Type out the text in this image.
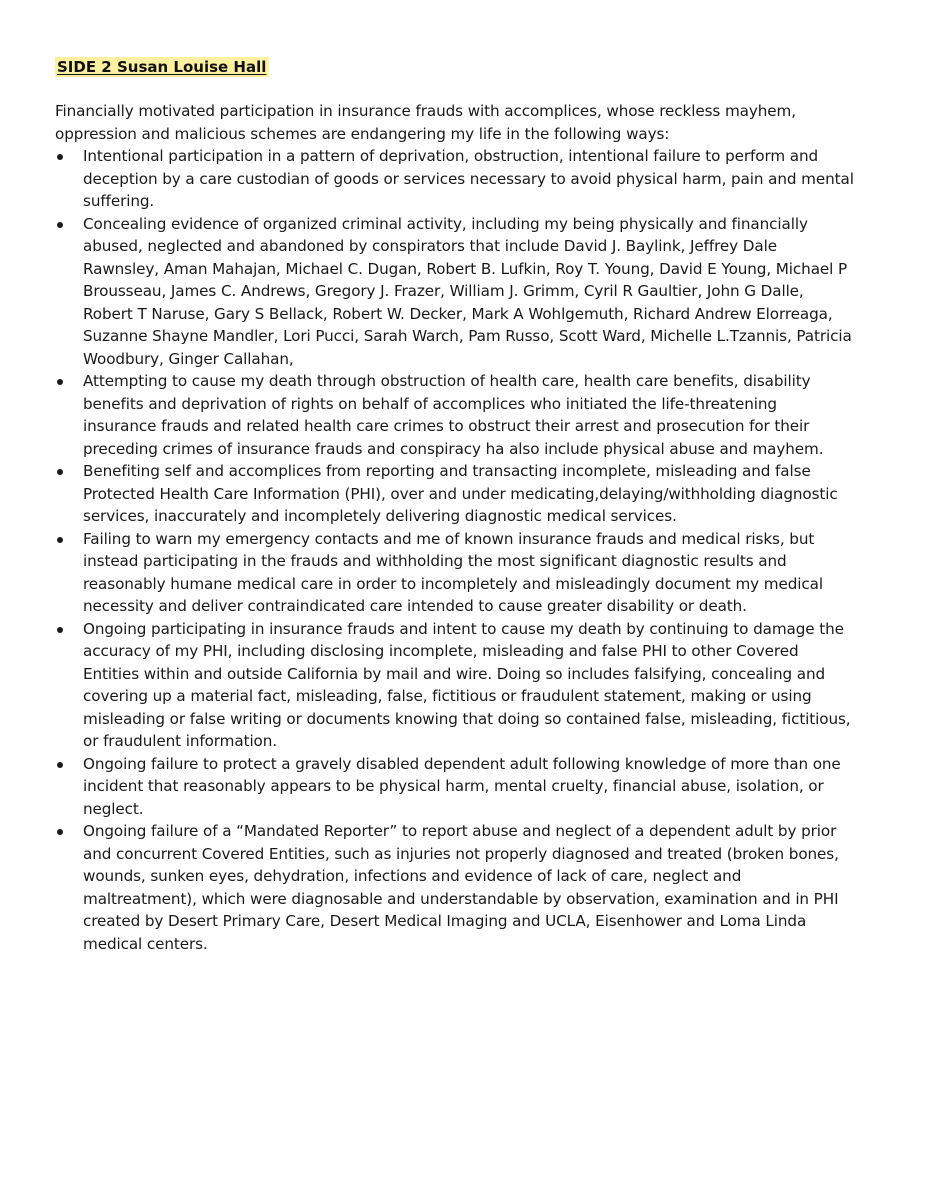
SIDE 2 Susan Louise Hall

Financially motivated participation in insurance frauds with accomplices, whose reckless mayhem, oppression and malicious schemes are endangering my life in the following ways:

Intentional participation in a pattern of deprivation, obstruction, intentional failure to perform and deception by a care custodian of goods or services necessary to avoid physical harm, pain and mental suffering.
Concealing evidence of organized criminal activity, including my being physically and financially abused, neglected and abandoned by conspirators that include David J. Baylink, Jeffrey Dale Rawnsley, Aman Mahajan, Michael C. Dugan, Robert B. Lufkin, Roy T. Young, David E Young, Michael P Brousseau, James C. Andrews, Gregory J. Frazer, William J. Grimm, Cyril R Gaultier, John G Dalle, Robert T Naruse, Gary S Bellack, Robert W. Decker, Mark A Wohlgemuth, Richard Andrew Elorreaga, Suzanne Shayne Mandler, Lori Pucci, Sarah Warch, Pam Russo, Scott Ward, Michelle L.Tzannis, Patricia Woodbury, Ginger Callahan,
Attempting to cause my death through obstruction of health care, health care benefits, disability benefits and deprivation of rights on behalf of accomplices who initiated the life-threatening insurance frauds and related health care crimes to obstruct their arrest and prosecution for their preceding crimes of insurance frauds and conspiracy ha also include physical abuse and mayhem.
Benefiting self and accomplices from reporting and transacting incomplete, misleading and false Protected Health Care Information (PHI), over and under medicating,delaying/withholding diagnostic services, inaccurately and incompletely delivering diagnostic medical services.
Failing to warn my emergency contacts and me of known insurance frauds and medical risks, but instead participating in the frauds and withholding the most significant diagnostic results and reasonably humane medical care in order to incompletely and misleadingly document my medical necessity and deliver contraindicated care intended to cause greater disability or death.
Ongoing participating in insurance frauds and intent to cause my death by continuing to damage the accuracy of my PHI, including disclosing incomplete, misleading and false PHI to other Covered Entities within and outside California by mail and wire. Doing so includes falsifying, concealing and covering up a material fact, misleading, false, fictitious or fraudulent statement, making or using misleading or false writing or documents knowing that doing so contained false, misleading, fictitious, or fraudulent information.
Ongoing failure to protect a gravely disabled dependent adult following knowledge of more than one incident that reasonably appears to be physical harm, mental cruelty, financial abuse, isolation, or neglect.
Ongoing failure of a “Mandated Reporter” to report abuse and neglect of a dependent adult by prior and concurrent Covered Entities, such as injuries not properly diagnosed and treated (broken bones, wounds, sunken eyes, dehydration, infections and evidence of lack of care, neglect and maltreatment), which were diagnosable and understandable by observation, examination and in PHI created by Desert Primary Care, Desert Medical Imaging and UCLA, Eisenhower and Loma Linda medical centers.
